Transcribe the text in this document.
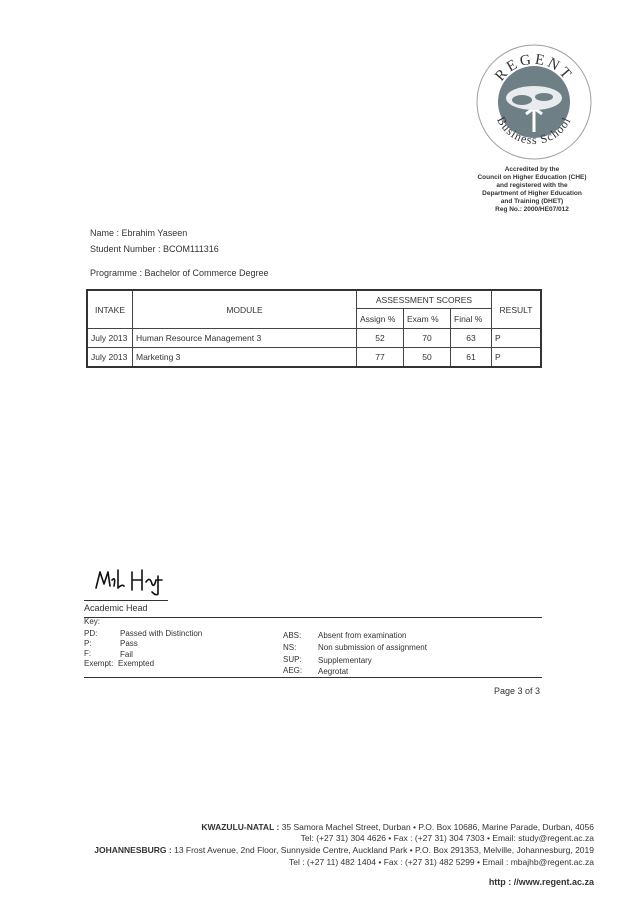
REGENT
Business School
Accredited by the
Council on Higher Education (CHE)
and registered with the
Department of Higher Education
and Training (DHET)
Reg No.: 2000/HE07/012
Name : Ebrahim Yaseen
Student Number : BCOM111316
Programme : Bachelor of Commerce Degree
INTAKE	MODULE	ASSESSMENT SCORES			RESULT
		Assign %	Exam %	Final %	
July 2013	Human Resource Management 3	52	70	63	P
July 2013	Marketing 3	77	50	61	P
Academic Head
Key:
PD:	Passed with Distinction
P:	Pass
F:	Fail
Exempt: Exempted
ABS: Absent from examination
NS:	Non submission of assignment
SUP: Supplementary
AEG: Aegrotat
Page 3 of 3
KWAZULU-NATAL : 35 Samora Machel Street, Durban • P.O. Box 10686, Marine Parade, Durban, 4056
Tel: (+27 31) 304 4626 • Fax : (+27 31) 304 7303 • Email: study@regent.ac.za
JOHANNESBURG : 13 Frost Avenue, 2nd Floor, Sunnyside Centre, Auckland Park • P.O. Box 291353, Melville, Johannesburg, 2019
Tel : (+27 11) 482 1404 • Fax : (+27 31) 482 5299 • Email : mbajhb@regent.ac.za
http : //www.regent.ac.za
